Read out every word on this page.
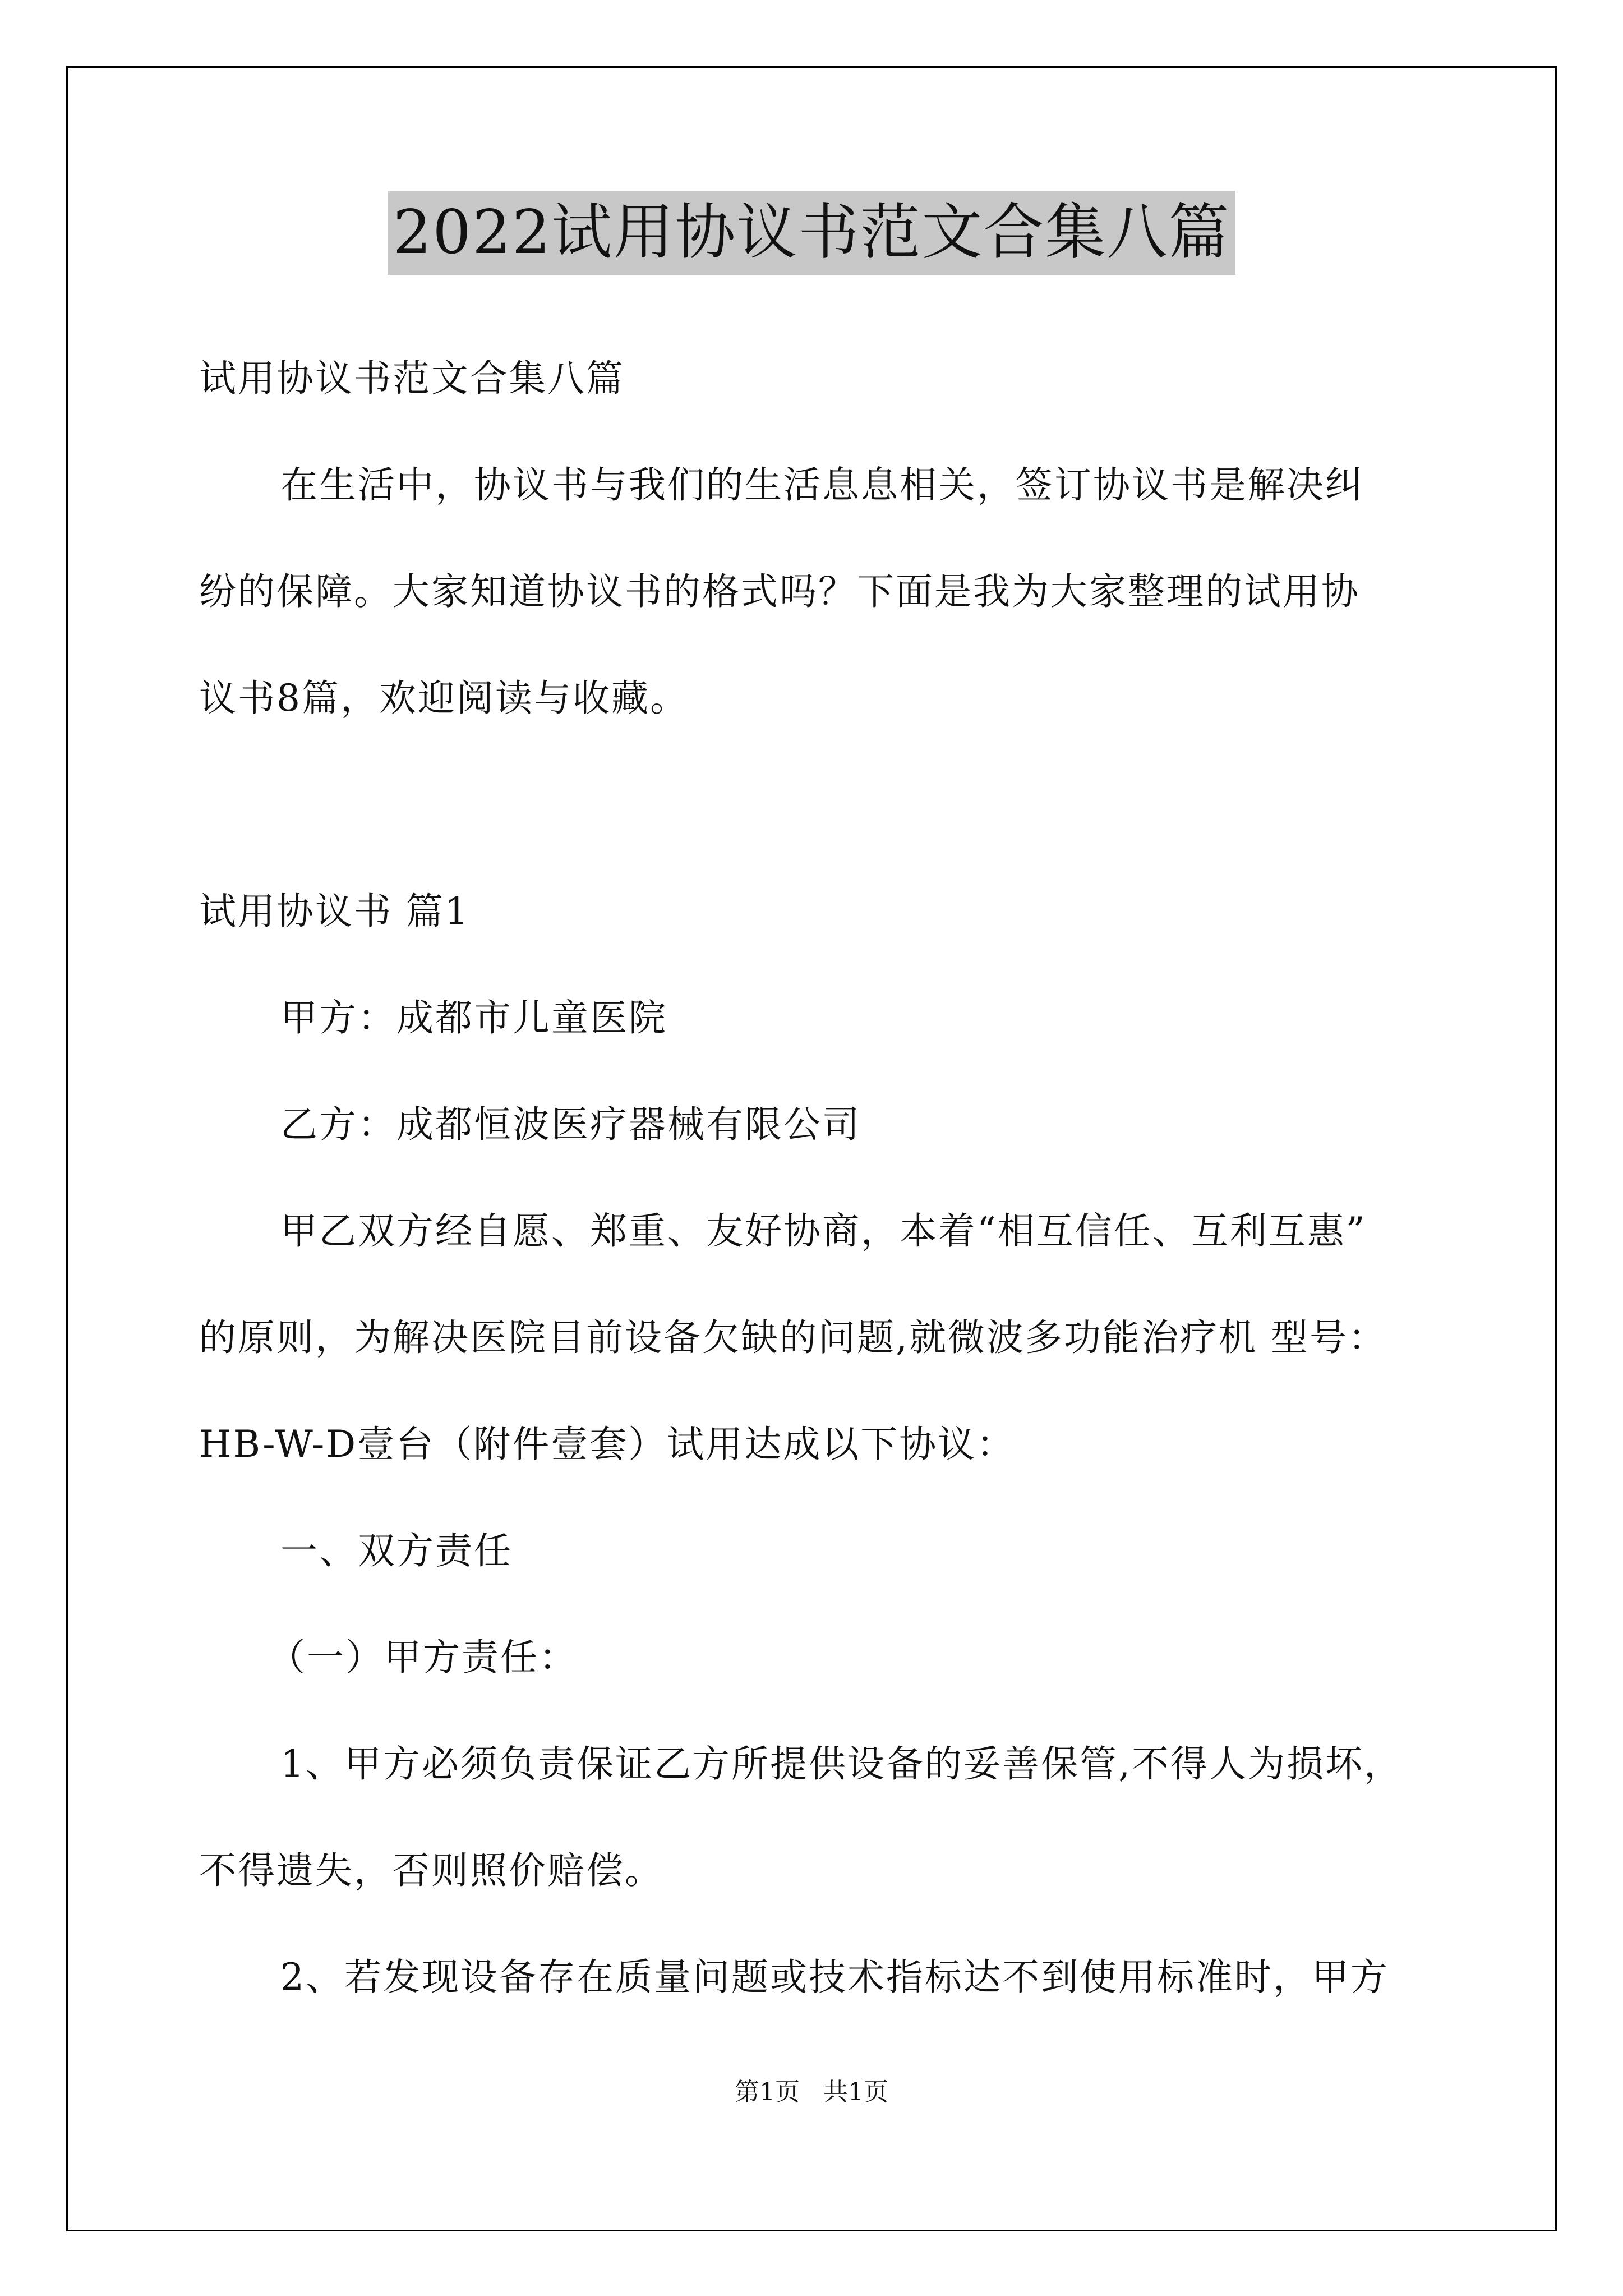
2022试用协议书范文合集八篇
试用协议书范文合集八篇
在生活中，协议书与我们的生活息息相关，签订协议书是解决纠
纷的保障。大家知道协议书的格式吗？下面是我为大家整理的试用协
议书8篇，欢迎阅读与收藏。
试用协议书 篇1
甲方：成都市儿童医院
乙方：成都恒波医疗器械有限公司
甲乙双方经自愿、郑重、友好协商，本着“相互信任、互利互惠”
的原则，为解决医院目前设备欠缺的问题,就微波多功能治疗机 型号：
HB-W-D壹台（附件壹套）试用达成以下协议：
一、双方责任
（一）甲方责任：
1、甲方必须负责保证乙方所提供设备的妥善保管,不得人为损坏，
不得遗失，否则照价赔偿。
2、若发现设备存在质量问题或技术指标达不到使用标准时，甲方
第1页   共1页
